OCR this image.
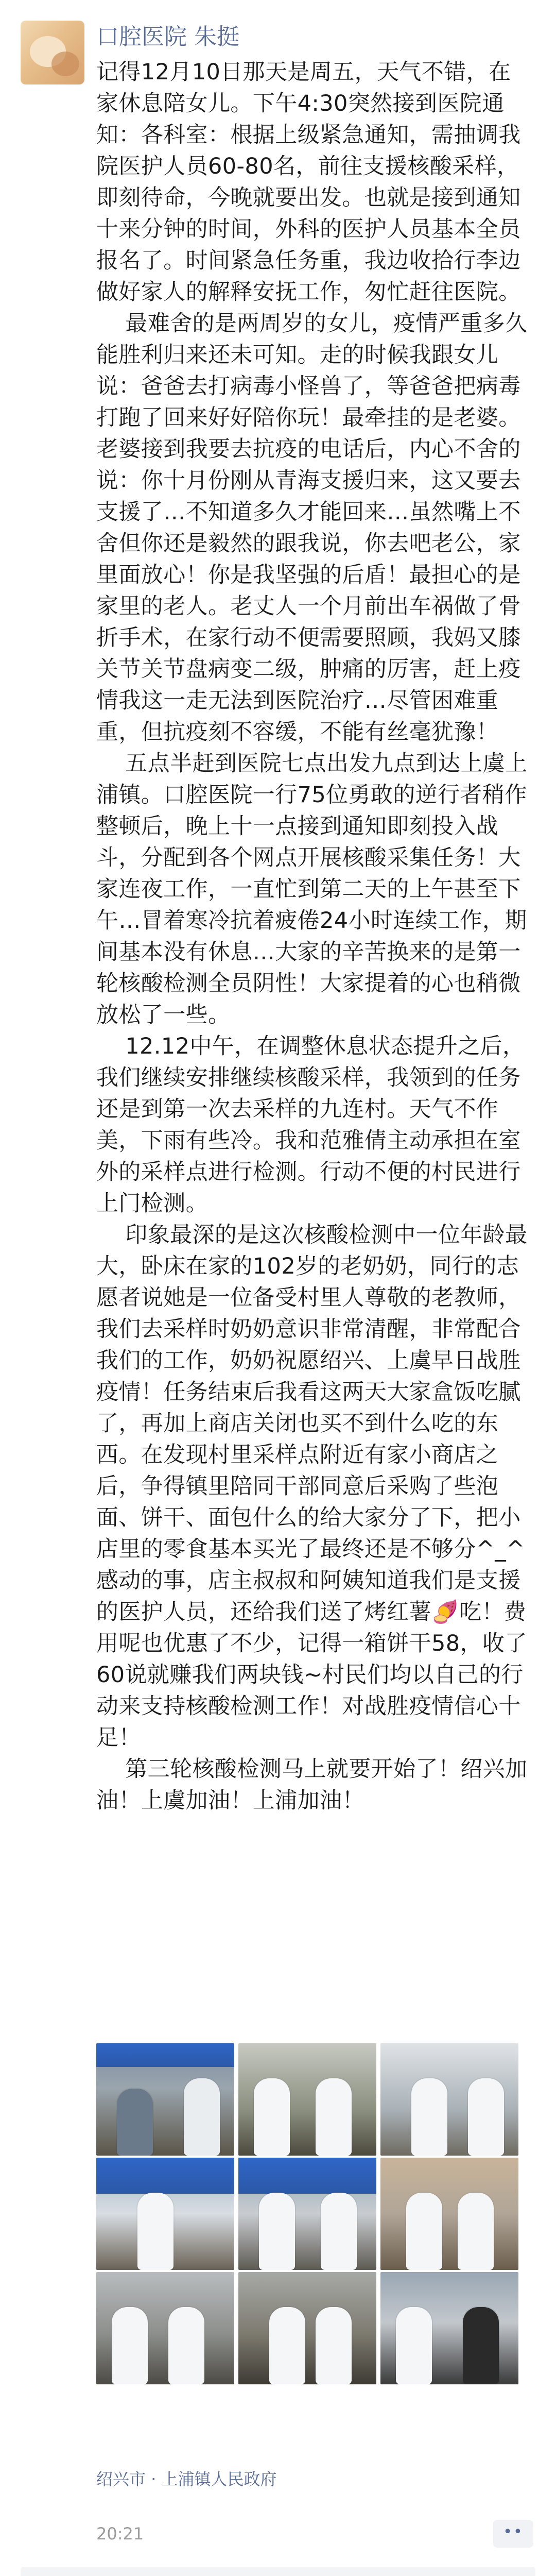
口腔医院 朱挺

记得12月10日那天是周五，天气不错，在家休息陪女儿。下午4:30突然接到医院通知：各科室：根据上级紧急通知，需抽调我院医护人员60-80名，前往支援核酸采样，即刻待命，今晚就要出发。也就是接到通知十来分钟的时间，外科的医护人员基本全员报名了。时间紧急任务重，我边收拾行李边做好家人的解释安抚工作，匆忙赶往医院。

最难舍的是两周岁的女儿，疫情严重多久能胜利归来还未可知。走的时候我跟女儿说：爸爸去打病毒小怪兽了，等爸爸把病毒打跑了回来好好陪你玩！最牵挂的是老婆。老婆接到我要去抗疫的电话后，内心不舍的说：你十月份刚从青海支援归来，这又要去支援了…不知道多久才能回来…虽然嘴上不舍但你还是毅然的跟我说，你去吧老公，家里面放心！你是我坚强的后盾！最担心的是家里的老人。老丈人一个月前出车祸做了骨折手术，在家行动不便需要照顾，我妈又膝关节关节盘病变二级，肿痛的厉害，赶上疫情我这一走无法到医院治疗…尽管困难重重，但抗疫刻不容缓，不能有丝毫犹豫！

五点半赶到医院七点出发九点到达上虞上浦镇。口腔医院一行75位勇敢的逆行者稍作整顿后，晚上十一点接到通知即刻投入战斗，分配到各个网点开展核酸采集任务！大家连夜工作，一直忙到第二天的上午甚至下午…冒着寒冷抗着疲倦24小时连续工作，期间基本没有休息…大家的辛苦换来的是第一轮核酸检测全员阴性！大家提着的心也稍微放松了一些。

12.12中午，在调整休息状态提升之后，我们继续安排继续核酸采样，我领到的任务还是到第一次去采样的九连村。天气不作美，下雨有些冷。我和范雅倩主动承担在室外的采样点进行检测。行动不便的村民进行上门检测。

印象最深的是这次核酸检测中一位年龄最大，卧床在家的102岁的老奶奶，同行的志愿者说她是一位备受村里人尊敬的老教师，我们去采样时奶奶意识非常清醒，非常配合我们的工作，奶奶祝愿绍兴、上虞早日战胜疫情！任务结束后我看这两天大家盒饭吃腻了，再加上商店关闭也买不到什么吃的东西。在发现村里采样点附近有家小商店之后，争得镇里陪同干部同意后采购了些泡面、饼干、面包什么的给大家分了下，把小店里的零食基本买光了最终还是不够分^_^感动的事，店主叔叔和阿姨知道我们是支援的医护人员，还给我们送了烤红薯🍠吃！费用呢也优惠了不少，记得一箱饼干58，收了60说就赚我们两块钱~村民们均以自己的行动来支持核酸检测工作！对战胜疫情信心十足！

第三轮核酸检测马上就要开始了！绍兴加油！上虞加油！上浦加油！

绍兴市 · 上浦镇人民政府
20:21	••
